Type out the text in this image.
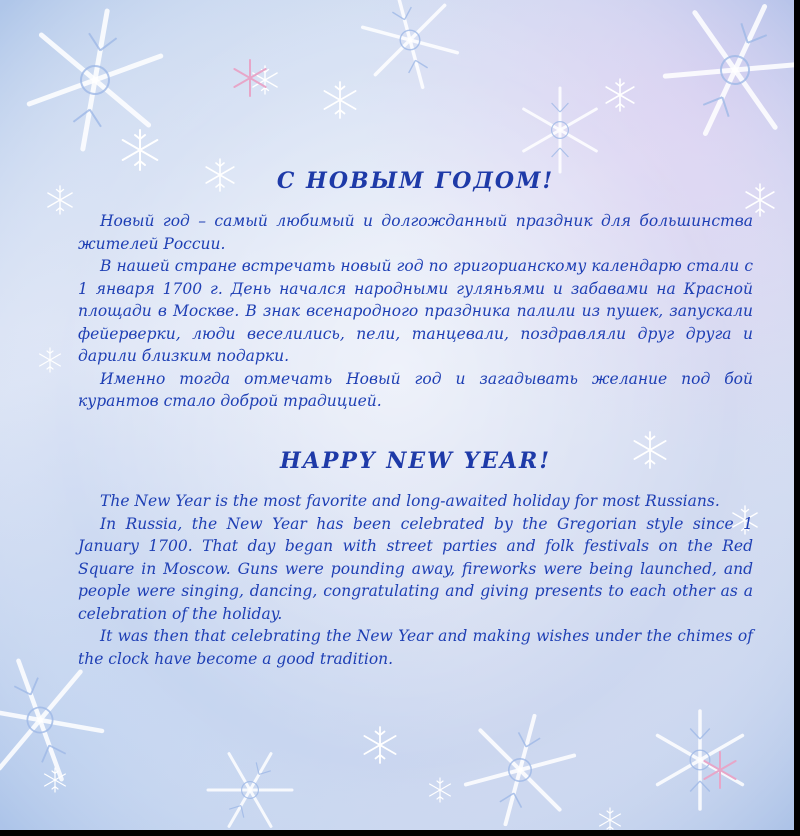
С НОВЫМ ГОДОМ!

Новый год – самый любимый и долгожданный праздник для большинства жителей России.

В нашей стране встречать новый год по григорианскому календарю стали с 1 января 1700 г. День начался народными гуляньями и забавами на Красной площади в Москве. В знак всенародного праздника палили из пушек, запускали фейерверки, люди веселились, пели, танцевали, поздравляли друг друга и дарили близким подарки.

Именно тогда отмечать Новый год и загадывать желание под бой курантов стало доброй традицией.

HAPPY NEW YEAR!

The New Year is the most favorite and long-awaited holiday for most Russians.

In Russia, the New Year has been celebrated by the Gregorian style since 1 January 1700. That day began with street parties and folk festivals on the Red Square in Moscow. Guns were pounding away, fireworks were being launched, and people were singing, dancing, congratulating and giving presents to each other as a celebration of the holiday.

It was then that celebrating the New Year and making wishes under the chimes of the clock have become a good tradition.
